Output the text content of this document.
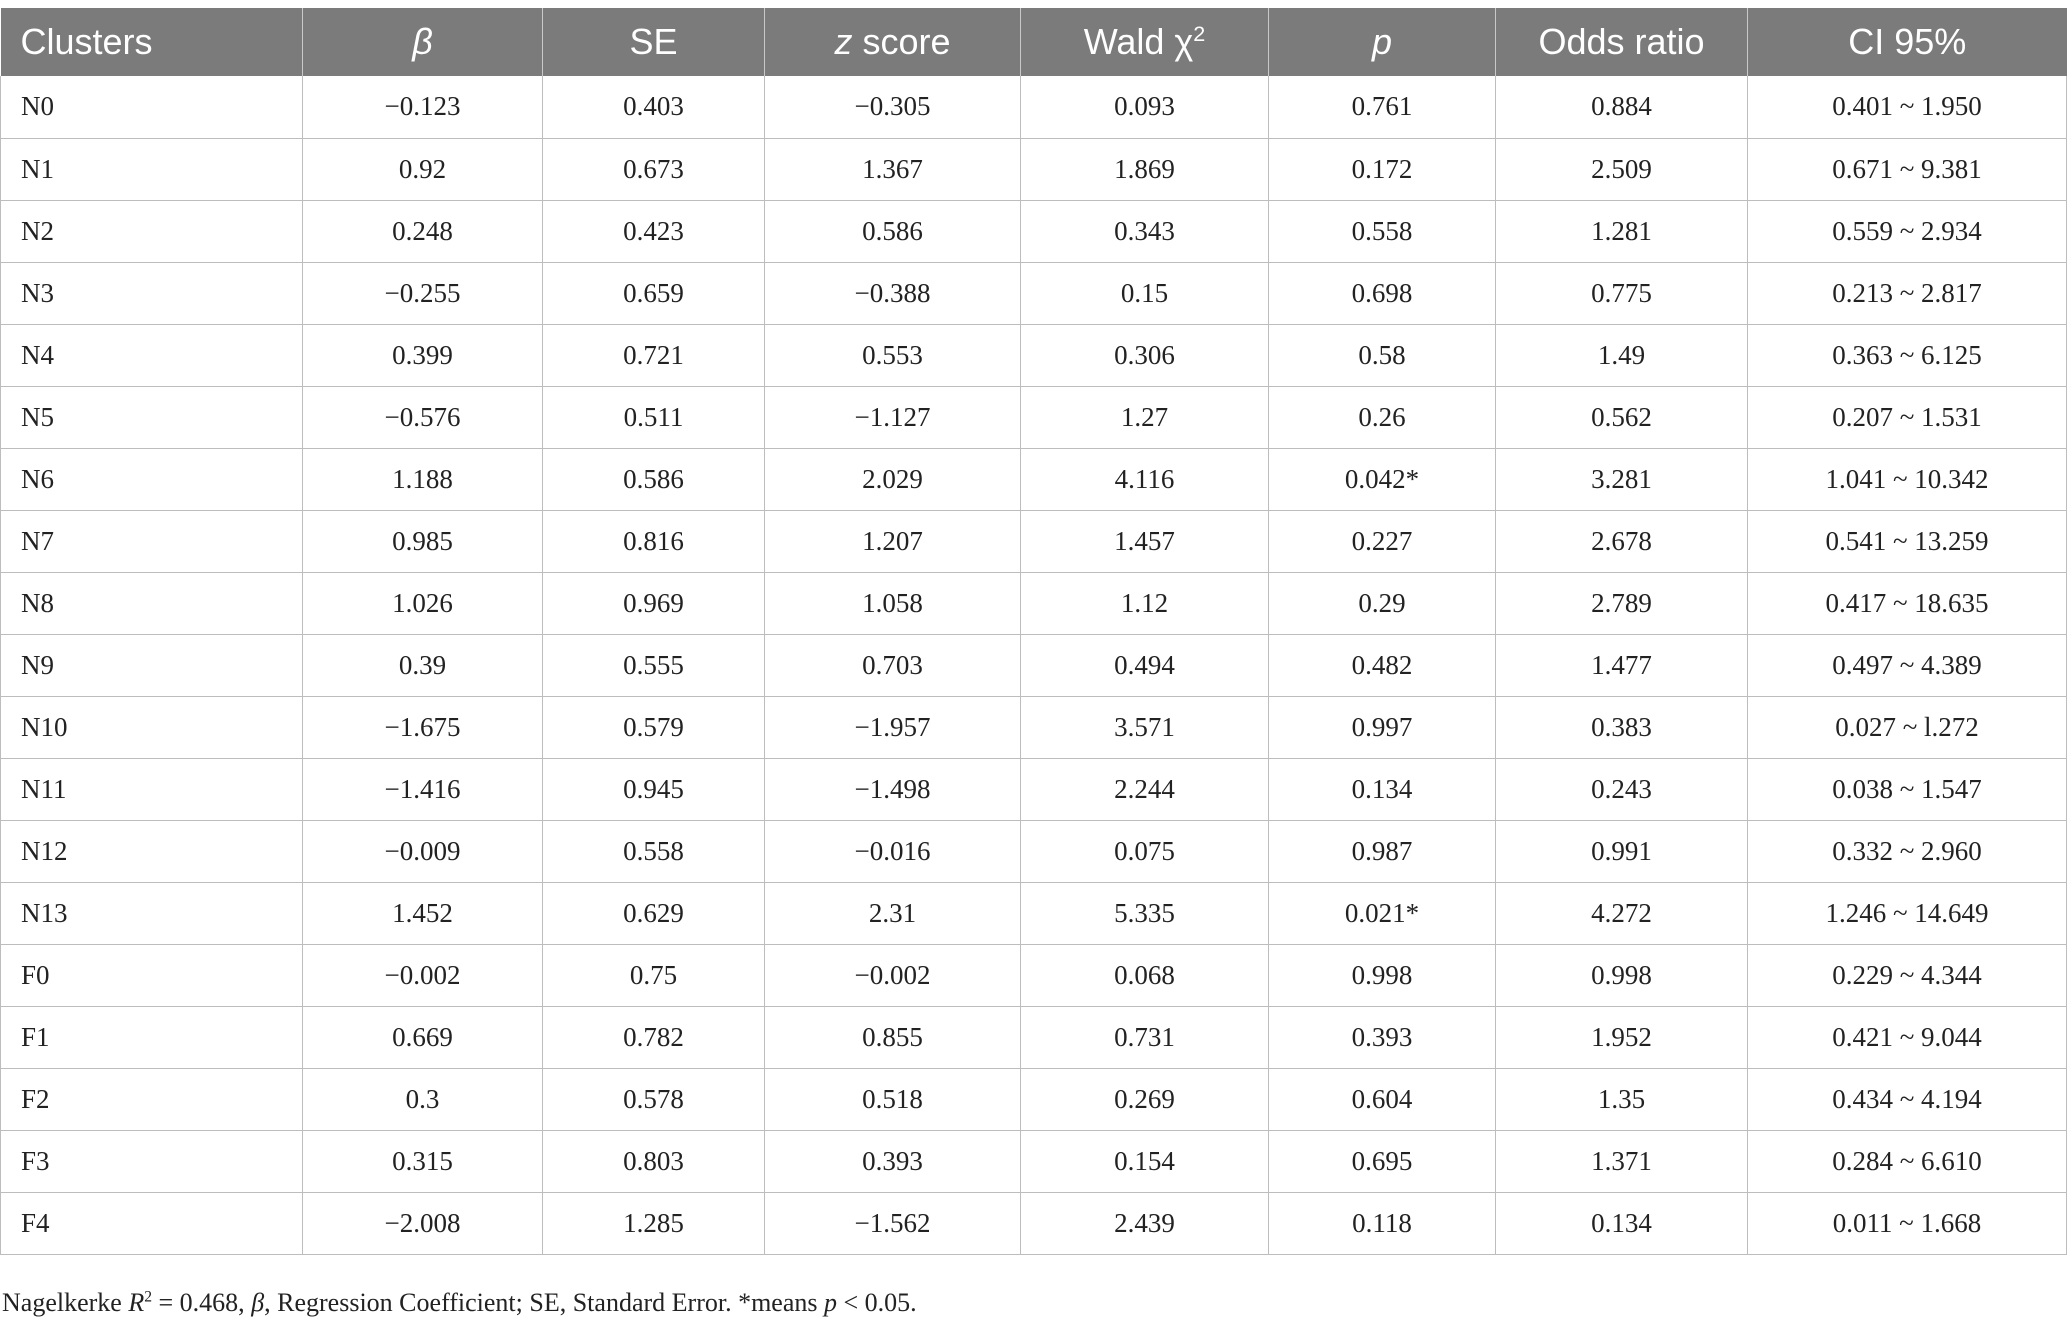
Clusters	β	SE	z score	Wald $\chi^2$	p	Odds ratio	CI 95%
N0	−0.123	0.403	−0.305	0.093	0.761	0.884	0.401 ~ 1.950
N1	0.92	0.673	1.367	1.869	0.172	2.509	0.671 ~ 9.381
N2	0.248	0.423	0.586	0.343	0.558	1.281	0.559 ~ 2.934
N3	−0.255	0.659	−0.388	0.15	0.698	0.775	0.213 ~ 2.817
N4	0.399	0.721	0.553	0.306	0.58	1.49	0.363 ~ 6.125
N5	−0.576	0.511	−1.127	1.27	0.26	0.562	0.207 ~ 1.531
N6	1.188	0.586	2.029	4.116	0.042*	3.281	1.041 ~ 10.342
N7	0.985	0.816	1.207	1.457	0.227	2.678	0.541 ~ 13.259
N8	1.026	0.969	1.058	1.12	0.29	2.789	0.417 ~ 18.635
N9	0.39	0.555	0.703	0.494	0.482	1.477	0.497 ~ 4.389
N10	−1.675	0.579	−1.957	3.571	0.997	0.383	0.027 ~ l.272
N11	−1.416	0.945	−1.498	2.244	0.134	0.243	0.038 ~ 1.547
N12	−0.009	0.558	−0.016	0.075	0.987	0.991	0.332 ~ 2.960
N13	1.452	0.629	2.31	5.335	0.021*	4.272	1.246 ~ 14.649
F0	−0.002	0.75	−0.002	0.068	0.998	0.998	0.229 ~ 4.344
F1	0.669	0.782	0.855	0.731	0.393	1.952	0.421 ~ 9.044
F2	0.3	0.578	0.518	0.269	0.604	1.35	0.434 ~ 4.194
F3	0.315	0.803	0.393	0.154	0.695	1.371	0.284 ~ 6.610
F4	−2.008	1.285	−1.562	2.439	0.118	0.134	0.011 ~ 1.668
Nagelkerke $R^2 = 0.468$, β, Regression Coefficient; SE, Standard Error. *means p < 0.05.
